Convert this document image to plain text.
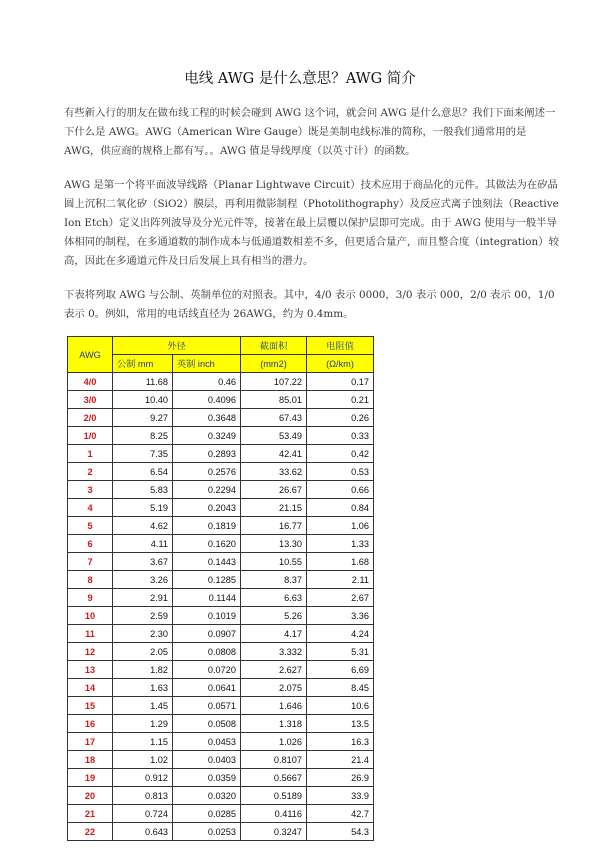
电线 AWG 是什么意思？AWG 简介

有些新入行的朋友在做布线工程的时候会碰到 AWG 这个词，就会问 AWG 是什么意思？我们下面来阐述一下什么是 AWG。AWG（American Wire Gauge）既是美制电线标准的简称，一般我们通常用的是 AWG，供应商的规格上都有写。。AWG 值是导线厚度（以英寸计）的函数。

AWG 是第一个将平面波导线路（Planar Lightwave Circuit）技术应用于商品化的元件。其做法为在矽晶圆上沉积二氧化矽（SiO2）膜层，再利用微影制程（Photolithography）及反应式离子蚀刻法（Reactive Ion Etch）定义出阵列波导及分光元件等，接著在最上层覆以保护层即可完成。由于 AWG 使用与一般半导体相同的制程，在多通道数的制作成本与低通道数相差不多，但更适合量产，而且整合度（integration）较高，因此在多通道元件及日后发展上具有相当的潜力。

下表将列取 AWG 与公制、英制单位的对照表。其中，4/0 表示 0000，3/0 表示 000，2/0 表示 00，1/0 表示 0。例如，常用的电话线直径为 26AWG，约为 0.4mm。

AWG	外径		截面积	电阻值
	公制 mm	英制 inch	(mm2)	(Ω/km)
4/0	11.68	0.46	107.22	0.17
3/0	10.40	0.4096	85.01	0.21
2/0	9.27	0.3648	67.43	0.26
1/0	8.25	0.3249	53.49	0.33
1	7.35	0.2893	42.41	0.42
2	6.54	0.2576	33.62	0.53
3	5.83	0.2294	26.67	0.66
4	5.19	0.2043	21.15	0.84
5	4.62	0.1819	16.77	1.06
6	4.11	0.1620	13.30	1.33
7	3.67	0.1443	10.55	1.68
8	3.26	0.1285	8.37	2.11
9	2.91	0.1144	6.63	2.67
10	2.59	0.1019	5.26	3.36
11	2.30	0.0907	4.17	4.24
12	2.05	0.0808	3.332	5.31
13	1.82	0.0720	2.627	6.69
14	1.63	0.0641	2.075	8.45
15	1.45	0.0571	1.646	10.6
16	1.29	0.0508	1.318	13.5
17	1.15	0.0453	1.026	16.3
18	1.02	0.0403	0.8107	21.4
19	0.912	0.0359	0.5667	26.9
20	0.813	0.0320	0.5189	33.9
21	0.724	0.0285	0.4116	42.7
22	0.643	0.0253	0.3247	54.3
